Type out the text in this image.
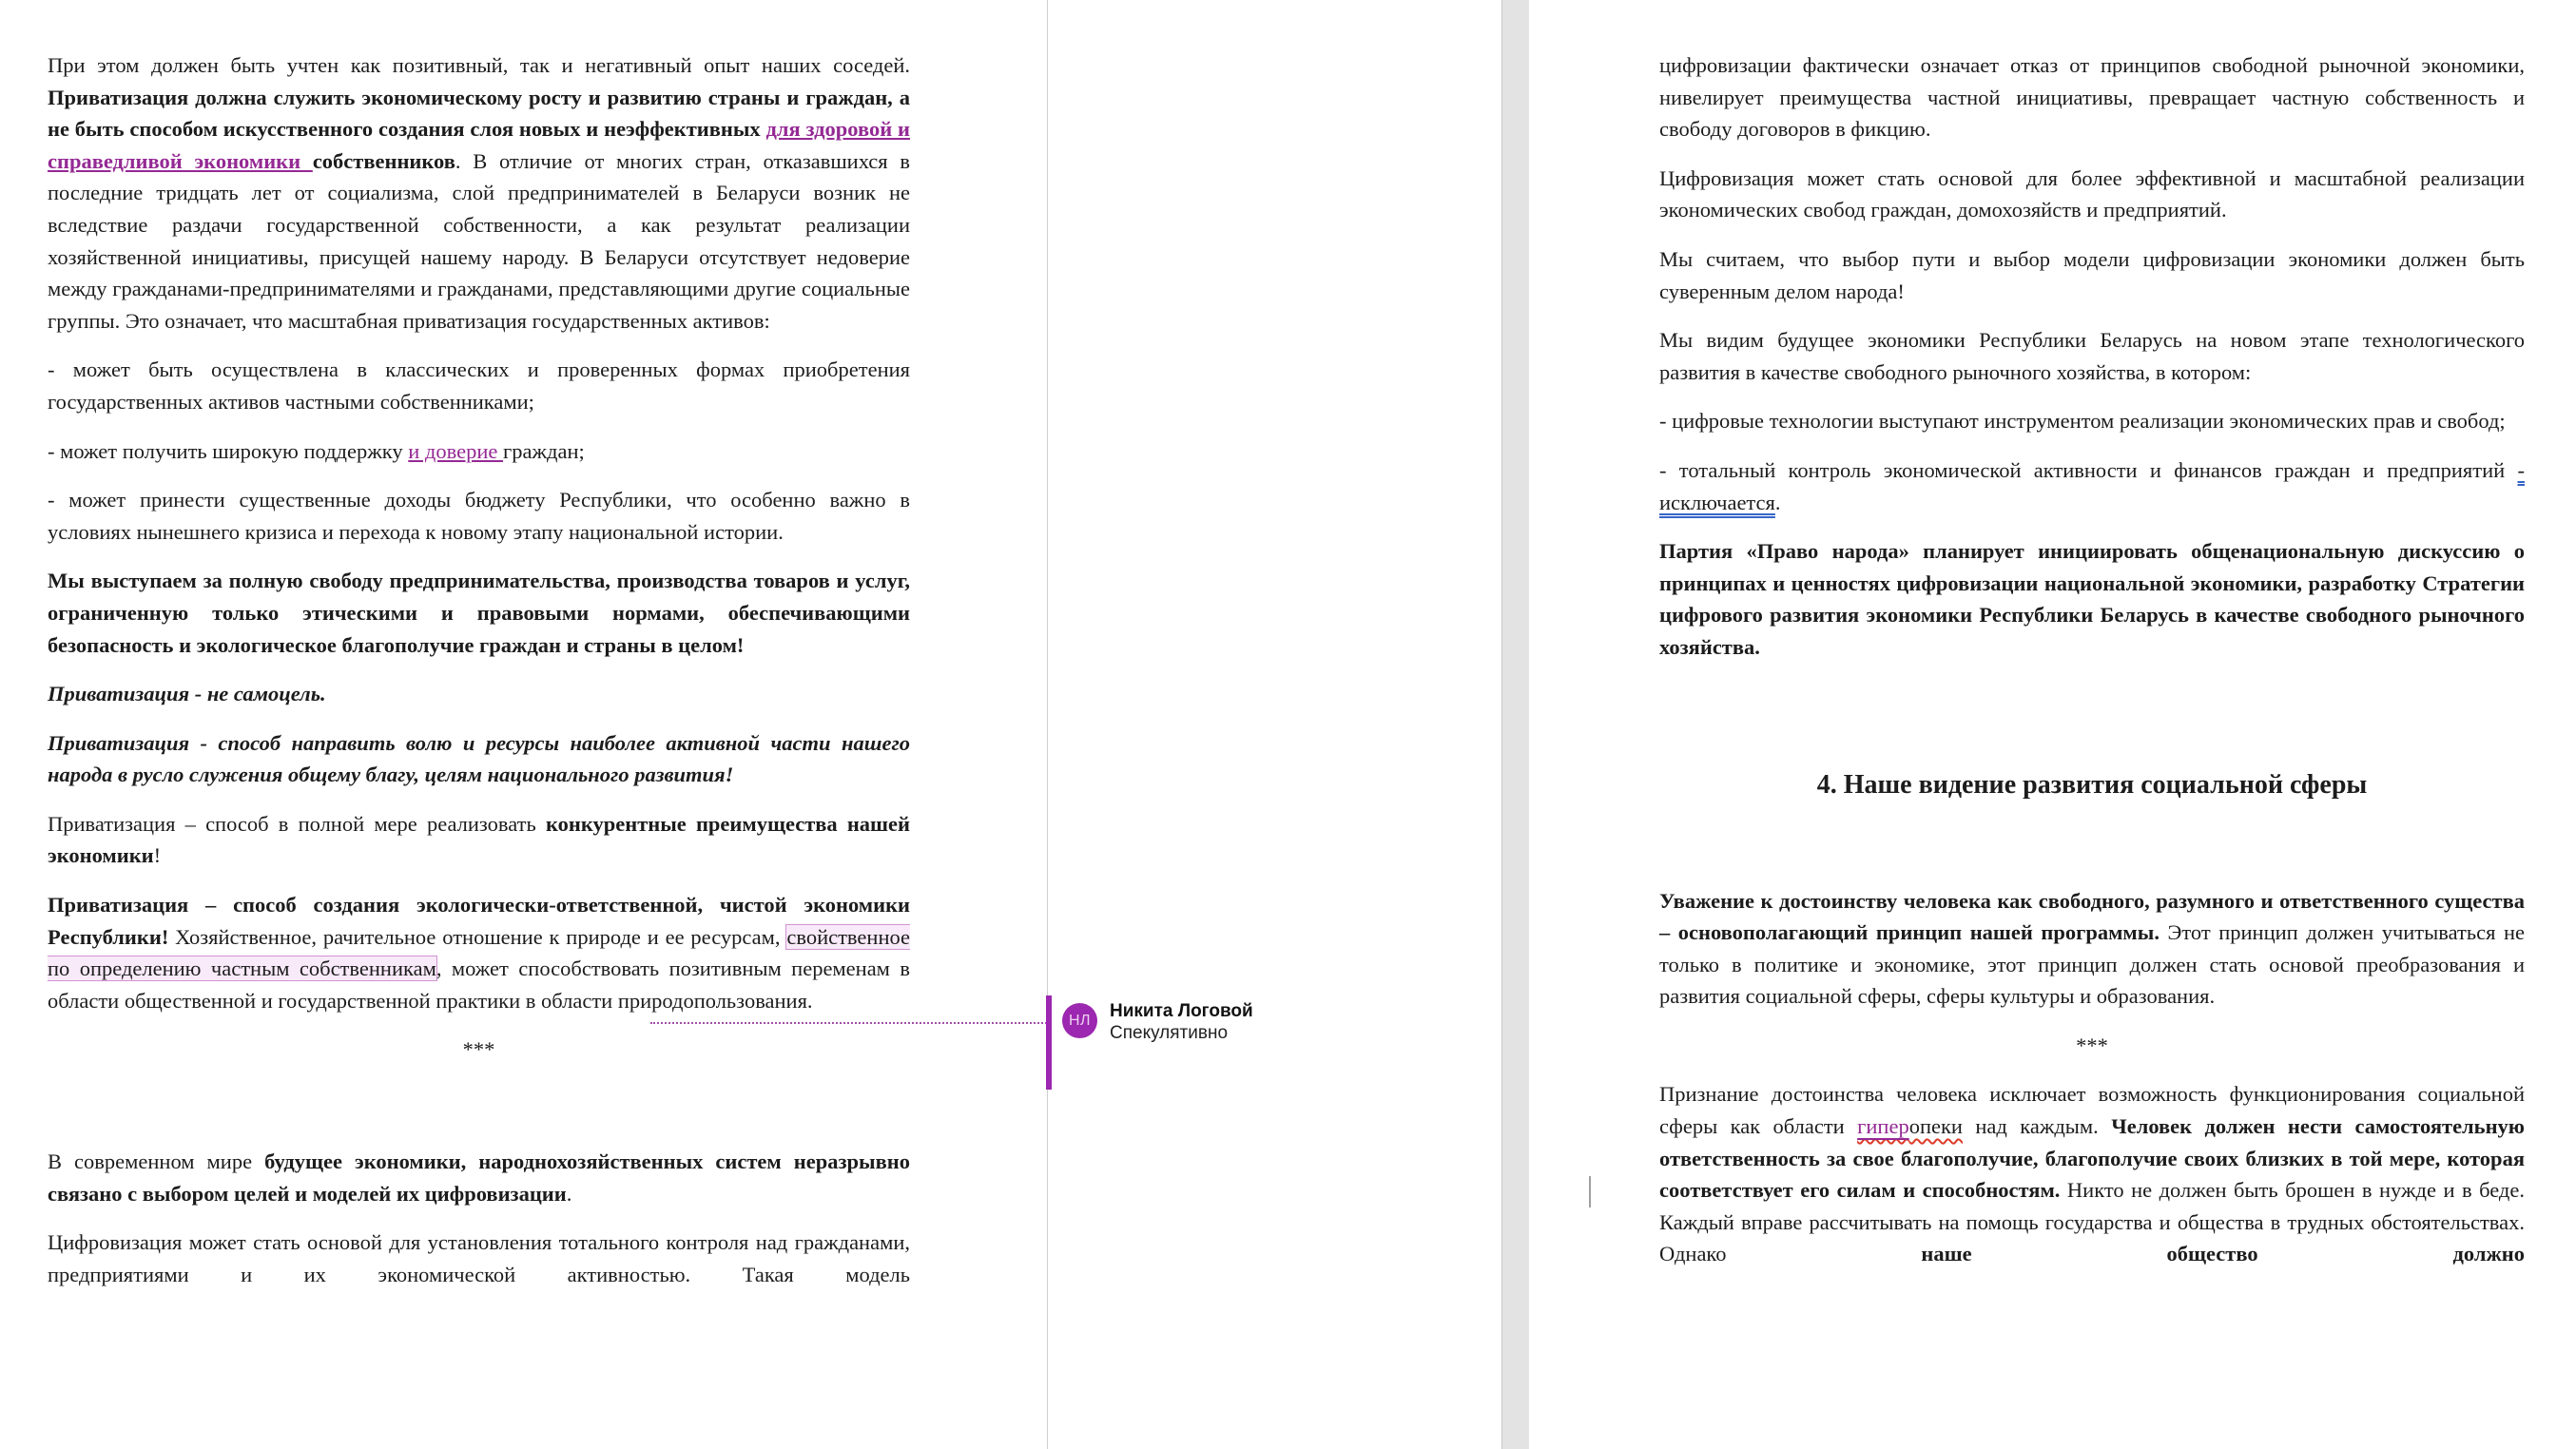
При этом должен быть учтен как позитивный, так и негативный опыт наших соседей. Приватизация должна служить экономическому росту и развитию страны и граждан, а не быть способом искусственного создания слоя новых и неэффективных для здоровой и справедливой экономики собственников. В отличие от многих стран, отказавшихся в последние тридцать лет от социализма, слой предпринимателей в Беларуси возник не вследствие раздачи государственной собственности, а как результат реализации хозяйственной инициативы, присущей нашему народу. В Беларуси отсутствует недоверие между гражданами-предпринимателями и гражданами, представляющими другие социальные группы. Это означает, что масштабная приватизация государственных активов:

- может быть осуществлена в классических и проверенных формах приобретения государственных активов частными собственниками;

- может получить широкую поддержку и доверие граждан;

- может принести существенные доходы бюджету Республики, что особенно важно в условиях нынешнего кризиса и перехода к новому этапу национальной истории.

Мы выступаем за полную свободу предпринимательства, производства товаров и услуг, ограниченную только этическими и правовыми нормами, обеспечивающими безопасность и экологическое благополучие граждан и страны в целом!

Приватизация - не самоцель.

Приватизация - способ направить волю и ресурсы наиболее активной части нашего народа в русло служения общему благу, целям национального развития!

Приватизация – способ в полной мере реализовать конкурентные преимущества нашей экономики!

Приватизация – способ создания экологически-ответственной, чистой экономики Республики! Хозяйственное, рачительное отношение к природе и ее ресурсам, свойственное по определению частным собственникам, может способствовать позитивным переменам в области общественной и государственной практики в области природопользования.

***

В современном мире будущее экономики, народнохозяйственных систем неразрывно связано с выбором целей и моделей их цифровизации.

Цифровизация может стать основой для установления тотального контроля над гражданами, предприятиями и их экономической активностью. Такая модель

цифровизации фактически означает отказ от принципов свободной рыночной экономики, нивелирует преимущества частной инициативы, превращает частную собственность и свободу договоров в фикцию.

Цифровизация может стать основой для более эффективной и масштабной реализации экономических свобод граждан, домохозяйств и предприятий.

Мы считаем, что выбор пути и выбор модели цифровизации экономики должен быть суверенным делом народа!

Мы видим будущее экономики Республики Беларусь на новом этапе технологического развития в качестве свободного рыночного хозяйства, в котором:

- цифровые технологии выступают инструментом реализации экономических прав и свобод;

- тотальный контроль экономической активности и финансов граждан и предприятий - исключается.

Партия «Право народа» планирует инициировать общенациональную дискуссию о принципах и ценностях цифровизации национальной экономики, разработку Стратегии цифрового развития экономики Республики Беларусь в качестве свободного рыночного хозяйства.

4. Наше видение развития социальной сферы

Уважение к достоинству человека как свободного, разумного и ответственного существа – основополагающий принцип нашей программы. Этот принцип должен учитываться не только в политике и экономике, этот принцип должен стать основой преобразования и развития социальной сферы, сферы культуры и образования.

***

Признание достоинства человека исключает возможность функционирования социальной сферы как области гиперопеки над каждым. Человек должен нести самостоятельную ответственность за свое благополучие, благополучие своих близких в той мере, которая соответствует его силам и способностям. Никто не должен быть брошен в нужде и в беде. Каждый вправе рассчитывать на помощь государства и общества в трудных обстоятельствах. Однако наше общество должно

НЛ Никита Логовой
Спекулятивно
